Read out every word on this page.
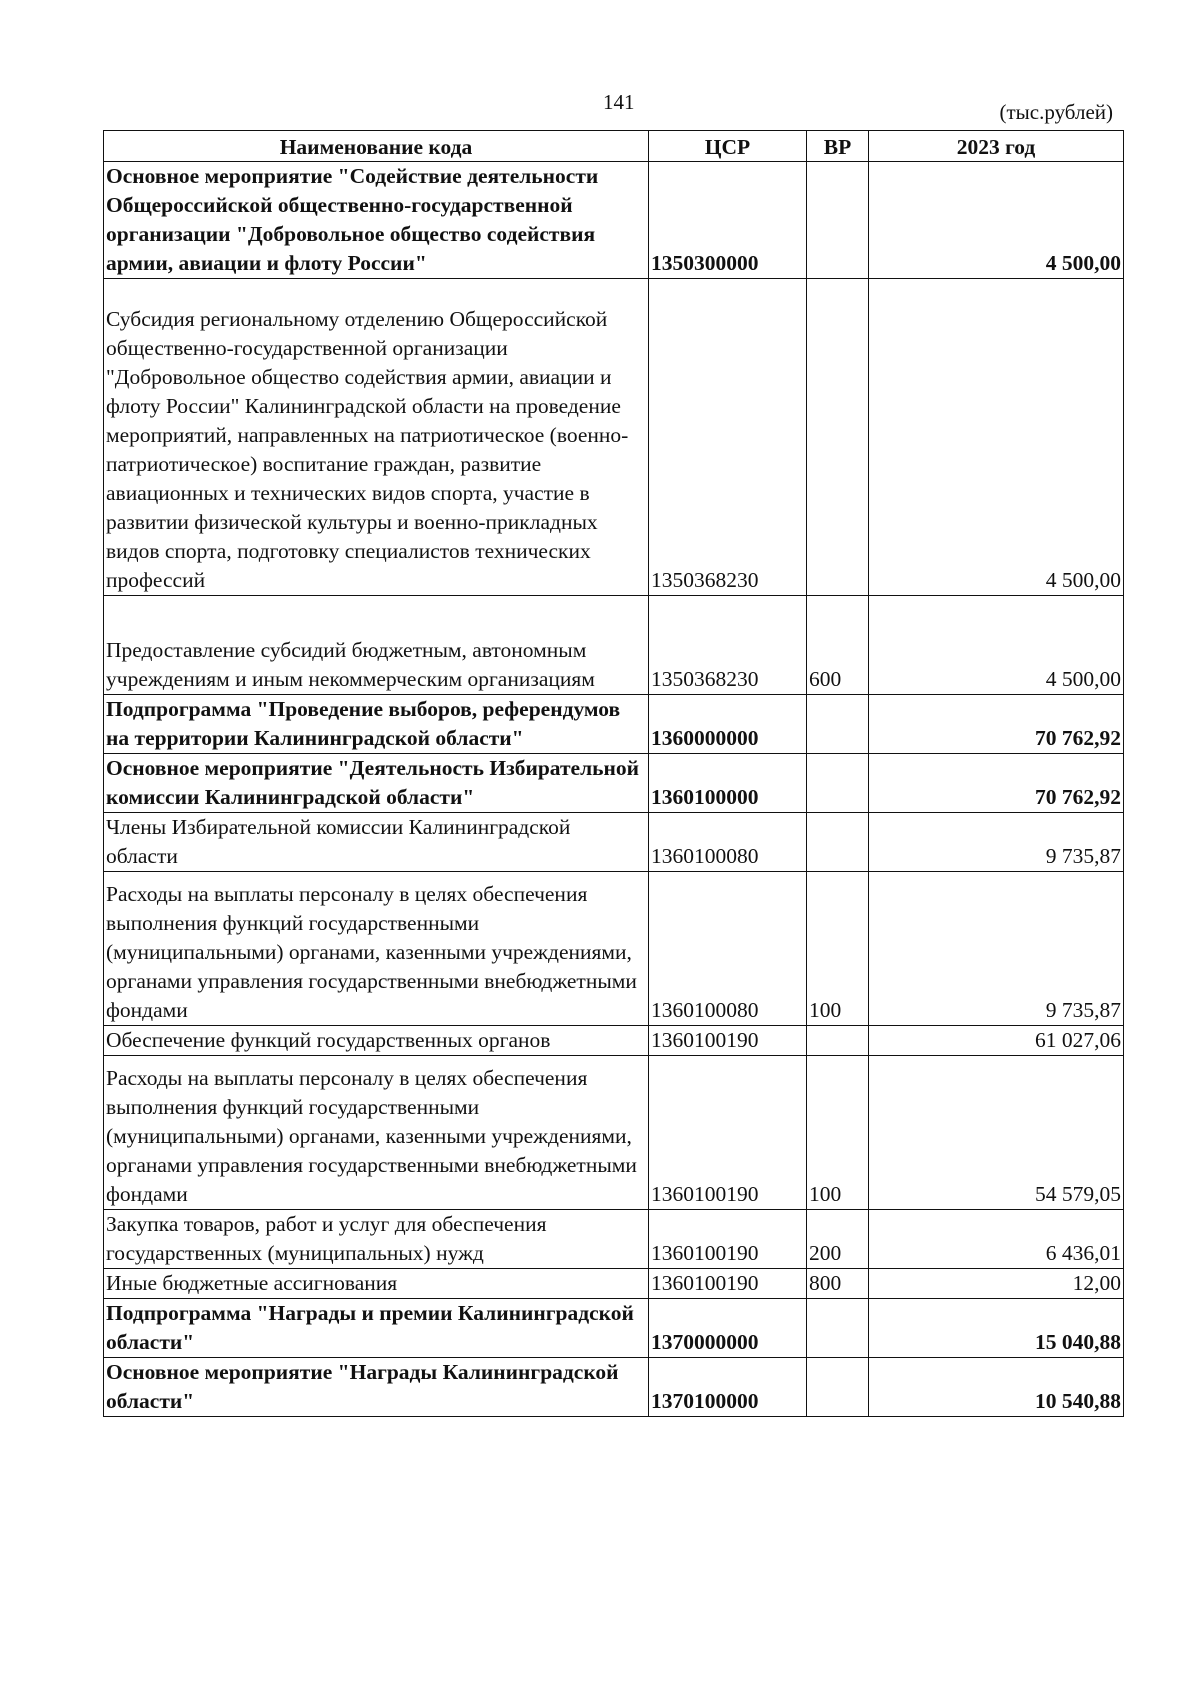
141	(тыс.рублей)
Наименование кода	ЦСР	ВР	2023 год
Основное мероприятие "Содействие деятельности Общероссийской общественно-государственной организации "Добровольное общество содействия армии, авиации и флоту России"	1350300000		4 500,00
Субсидия региональному отделению Общероссийской общественно-государственной организации "Добровольное общество содействия армии, авиации и флоту России" Калининградской области на проведение мероприятий, направленных на патриотическое (военно-патриотическое) воспитание граждан, развитие авиационных и технических видов спорта, участие в развитии физической культуры и военно-прикладных видов спорта, подготовку специалистов технических профессий	1350368230		4 500,00
Предоставление субсидий бюджетным, автономным учреждениям и иным некоммерческим организациям	1350368230	600	4 500,00
Подпрограмма "Проведение выборов, референдумов на территории Калининградской области"	1360000000		70 762,92
Основное мероприятие "Деятельность Избирательной комиссии Калининградской области"	1360100000		70 762,92
Члены Избирательной комиссии Калининградской области	1360100080		9 735,87
Расходы на выплаты персоналу в целях обеспечения выполнения функций государственными (муниципальными) органами, казенными учреждениями, органами управления государственными внебюджетными фондами	1360100080	100	9 735,87
Обеспечение функций государственных органов	1360100190		61 027,06
Расходы на выплаты персоналу в целях обеспечения выполнения функций государственными (муниципальными) органами, казенными учреждениями, органами управления государственными внебюджетными фондами	1360100190	100	54 579,05
Закупка товаров, работ и услуг для обеспечения государственных (муниципальных) нужд	1360100190	200	6 436,01
Иные бюджетные ассигнования	1360100190	800	12,00
Подпрограмма "Награды и премии Калининградской области"	1370000000		15 040,88
Основное мероприятие "Награды Калининградской области"	1370100000		10 540,88
